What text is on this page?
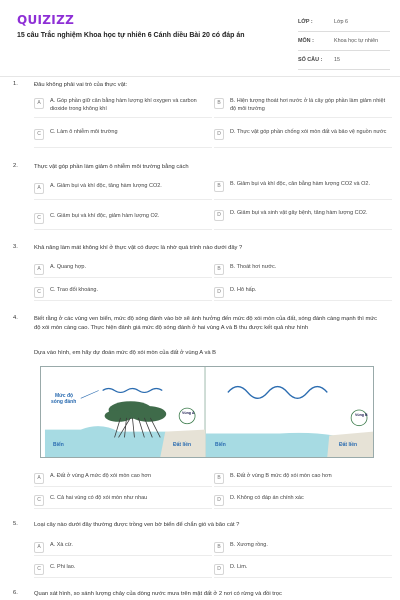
QUIZIZZ
15 câu Trắc nghiệm Khoa học tự nhiên 6 Cánh diều Bài 20 có đáp án
LỚP :	Lớp 6
MÔN :	Khoa học tự nhiên
SỐ CÂU :	15
1.	Đâu không phải vai trò của thực vật:
A	A. Góp phần giữ cân bằng hàm lượng khí oxygen và carbon dioxide trong không khí
B	B. Hiện tượng thoát hơi nước ở lá cây góp phần làm giảm nhiệt độ môi trường
C	C. Làm ô nhiễm môi trường	D	D. Thực vật góp phần chống xói mòn đất và bảo vệ nguồn nước
2.	Thực vật góp phần làm giảm ô nhiễm môi trường bằng cách
A	A. Giảm bụi và khí độc, tăng hàm lượng CO2.	B	B. Giảm bụi và khí độc, cân bằng hàm lượng CO2 và O2.
C	C. Giảm bụi và khí độc, giảm hàm lượng O2.	D	D. Giảm bụi và sinh vật gây bệnh, tăng hàm lượng CO2.
3.	Khả năng làm mát không khí ở thực vật có được là nhờ quá trình nào dưới đây ?
A	A. Quang hợp.	B	B. Thoát hơi nước.
C	C. Trao đổi khoáng.	D	D. Hô hấp.
4.	Biết rằng ở các vùng ven biển, mức độ sóng đánh vào bờ sẽ ảnh hưởng đến mức độ xói mòn của đất, sóng đánh càng mạnh thì mức độ xói mòn càng cao. Thực hiện đánh giá mức độ sóng đánh ở hai vùng A và B thu được kết quả như hình
Dựa vào hình, em hãy dự đoán mức độ xói mòn của đất ở vùng A và B
Mức độ
sóng đánh
Vùng A	Vùng B
Biển	Đất liền	Biển	Đất liền
A	A. Đất ở vùng A mức độ xói mòn cao hơn	B	B. Đất ở vùng B mức độ xói mòn cao hơn
C	C. Cả hai vùng có độ xói mòn như nhau	D	D. Không có đáp án chính xác
5.	Loại cây nào dưới đây thường được trồng ven bờ biển để chắn gió và bão cát ?
A	A. Xà cừ.	B	B. Xương rồng.
C	C. Phi lao.	D	D. Lim.
6.	Quan sát hình, so sánh lượng chảy của dòng nước mưa trên mặt đất ở 2 nơi có rừng và đồi trọc
